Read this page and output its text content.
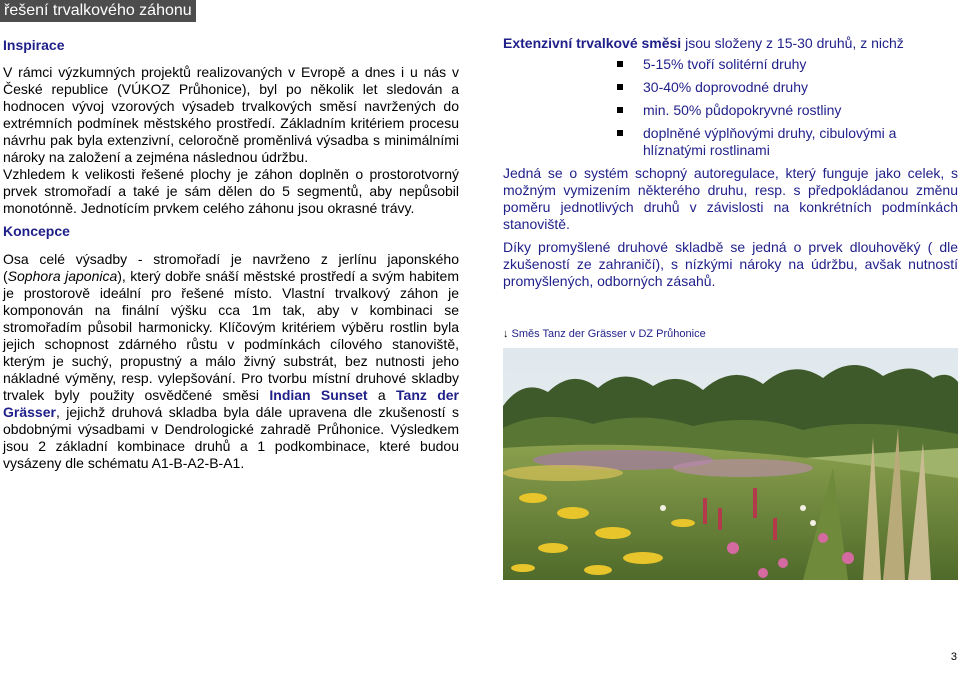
řešení trvalkového záhonu
Inspirace

V rámci výzkumných projektů realizovaných v Evropě a dnes i u nás v České republice (VÚKOZ Průhonice), byl po několik let sledován a hodnocen vývoj vzorových výsadeb trvalkových směsí navržených do extrémních podmínek městského prostředí. Základním kritériem procesu návrhu pak byla extenzivní, celoročně proměnlivá výsadba s minimálními nároky na založení a zejména následnou údržbu.

Vzhledem k velikosti řešené plochy je záhon doplněn o prostorotvorný prvek stromořadí a také je sám dělen do 5 segmentů, aby nepůsobil monotónně. Jednotícím prvkem celého záhonu jsou okrasné trávy.

Koncepce

Osa celé výsadby - stromořadí je navrženo z jerlínu japonského (Sophora japonica), který dobře snáší městské prostředí a svým habitem je prostorově ideální pro řešené místo. Vlastní trvalkový záhon je komponován na finální výšku cca 1m tak, aby v kombinaci se stromořadím působil harmonicky. Klíčovým kritériem výběru rostlin byla jejich schopnost zdárného růstu v podmínkách cílového stanoviště, kterým je suchý, propustný a málo živný substrát, bez nutnosti jeho nákladné výměny, resp. vylepšování. Pro tvorbu místní druhové skladby trvalek byly použity osvědčené směsi Indian Sunset a Tanz der Grässer, jejichž druhová skladba byla dále upravena dle zkušeností s obdobnými výsadbami v Dendrologické zahradě Průhonice. Výsledkem jsou 2 základní kombinace druhů a 1 podkombinace, které budou vysázeny dle schématu A1-B-A2-B-A1.

Extenzivní trvalkové směsi jsou složeny z 15-30 druhů, z nichž

5-15% tvoří solitérní druhy
30-40% doprovodné druhy
min. 50% půdopokryvné rostliny
doplněné výplňovými druhy, cibulovými a hlíznatými rostlinami

Jedná se o systém schopný autoregulace, který funguje jako celek, s možným vymizením některého druhu, resp. s předpokládanou změnu poměru jednotlivých druhů v závislosti na konkrétních podmínkách stanoviště.

Díky promyšlené druhové skladbě se jedná o prvek dlouhověký ( dle zkušeností ze zahraničí), s nízkými nároky na údržbu, avšak nutností promyšlených, odborných zásahů.

↓ Směs Tanz der Grässer v DZ Průhonice
3
